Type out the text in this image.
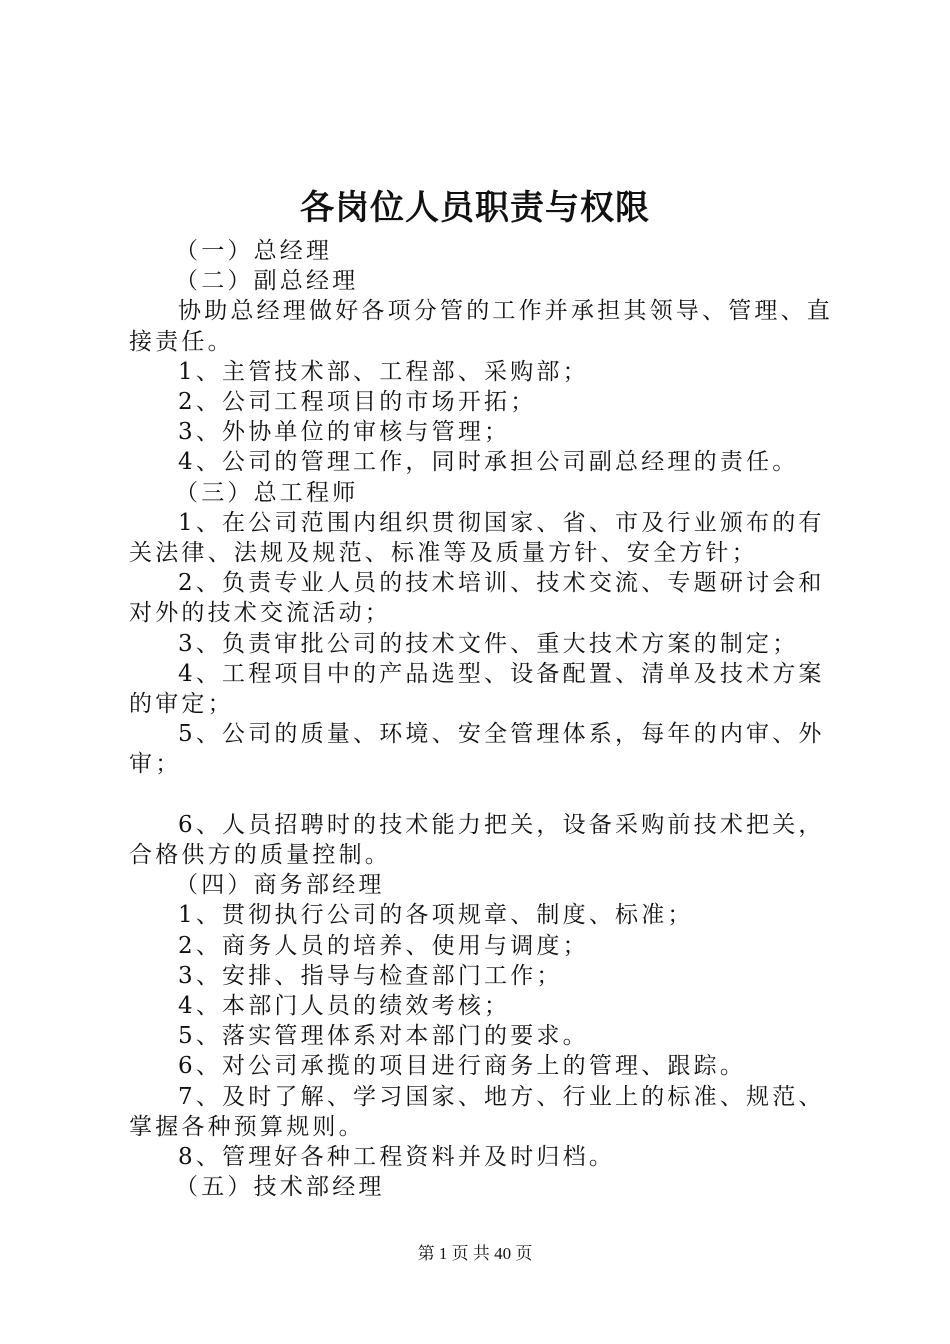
各岗位人员职责与权限

（一）总经理

（二）副总经理

协助总经理做好各项分管的工作并承担其领导、管理、直接责任。

1、主管技术部、工程部、采购部；

2、公司工程项目的市场开拓；

3、外协单位的审核与管理；

4、公司的管理工作，同时承担公司副总经理的责任。

（三）总工程师

1、在公司范围内组织贯彻国家、省、市及行业颁布的有关法律、法规及规范、标准等及质量方针、安全方针；

2、负责专业人员的技术培训、技术交流、专题研讨会和对外的技术交流活动；

3、负责审批公司的技术文件、重大技术方案的制定；

4、工程项目中的产品选型、设备配置、清单及技术方案的审定；

5、公司的质量、环境、安全管理体系，每年的内审、外审；

6、人员招聘时的技术能力把关，设备采购前技术把关，合格供方的质量控制。

（四）商务部经理

1、贯彻执行公司的各项规章、制度、标准；

2、商务人员的培养、使用与调度；

3、安排、指导与检查部门工作；

4、本部门人员的绩效考核；

5、落实管理体系对本部门的要求。

6、对公司承揽的项目进行商务上的管理、跟踪。

7、及时了解、学习国家、地方、行业上的标准、规范、掌握各种预算规则。

8、管理好各种工程资料并及时归档。

（五）技术部经理

第 1 页 共 40 页
